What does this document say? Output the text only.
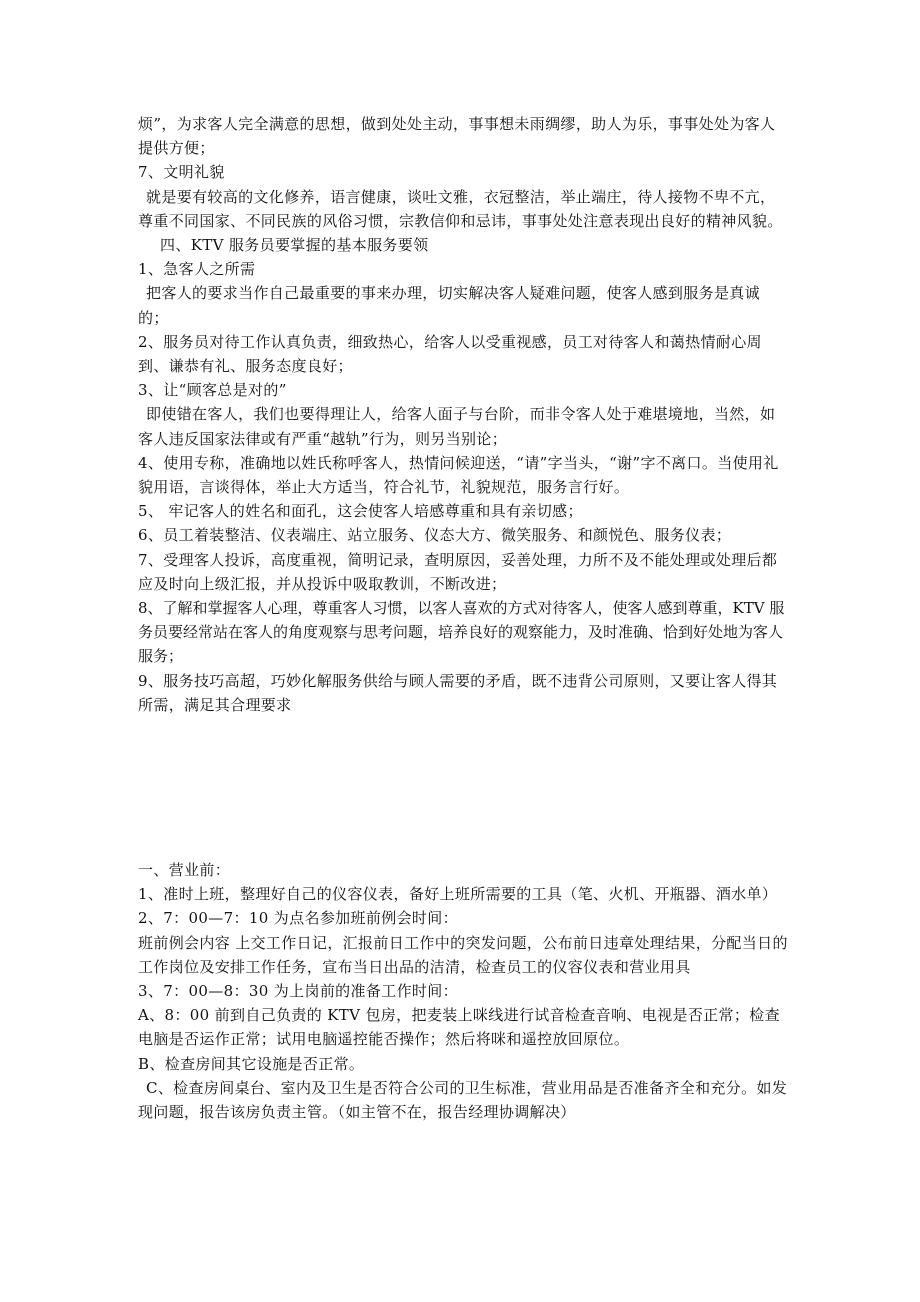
烦”，为求客人完全满意的思想，做到处处主动，事事想未雨绸缪，助人为乐，事事处处为客人提供方便；

7、文明礼貌

就是要有较高的文化修养，语言健康，谈吐文雅，衣冠整洁，举止端庄，待人接物不卑不亢，尊重不同国家、不同民族的风俗习惯，宗教信仰和忌讳，事事处处注意表现出良好的精神风貌。

四、KTV 服务员要掌握的基本服务要领

1、急客人之所需

把客人的要求当作自己最重要的事来办理，切实解决客人疑难问题，使客人感到服务是真诚的；

2、服务员对待工作认真负责，细致热心，给客人以受重视感，员工对待客人和蔼热情耐心周到、谦恭有礼、服务态度良好；

3、让“顾客总是对的”

即使错在客人，我们也要得理让人，给客人面子与台阶，而非令客人处于难堪境地，当然，如客人违反国家法律或有严重“越轨”行为，则另当别论；

4、使用专称，准确地以姓氏称呼客人，热情问候迎送，“请”字当头，“谢”字不离口。当使用礼貌用语，言谈得体，举止大方适当，符合礼节，礼貌规范，服务言行好。

5、 牢记客人的姓名和面孔，这会使客人培感尊重和具有亲切感；

6、员工着装整洁、仪表端庄、站立服务、仪态大方、微笑服务、和颜悦色、服务仪表；

7、受理客人投诉，高度重视，简明记录，查明原因，妥善处理，力所不及不能处理或处理后都应及时向上级汇报，并从投诉中吸取教训，不断改进；

8、了解和掌握客人心理，尊重客人习惯，以客人喜欢的方式对待客人，使客人感到尊重，KTV 服务员要经常站在客人的角度观察与思考问题，培养良好的观察能力，及时准确、恰到好处地为客人服务；

9、服务技巧高超，巧妙化解服务供给与顾人需要的矛盾，既不违背公司原则，又要让客人得其所需，满足其合理要求

一、营业前：

1、准时上班，整理好自己的仪容仪表，备好上班所需要的工具（笔、火机、开瓶器、酒水单）

2、7：00—7：10 为点名参加班前例会时间：

班前例会内容 上交工作日记，汇报前日工作中的突发问题，公布前日违章处理结果，分配当日的工作岗位及安排工作任务，宣布当日出品的洁清，检查员工的仪容仪表和营业用具

3、7：00—8：30 为上岗前的准备工作时间：

A、8：00 前到自己负责的 KTV 包房，把麦装上咪线进行试音检查音响、电视是否正常；检查电脑是否运作正常；试用电脑遥控能否操作；然后将咪和遥控放回原位。

B、检查房间其它设施是否正常。

C、检查房间桌台、室内及卫生是否符合公司的卫生标准，营业用品是否准备齐全和充分。如发现问题，报告该房负责主管。（如主管不在，报告经理协调解决）
